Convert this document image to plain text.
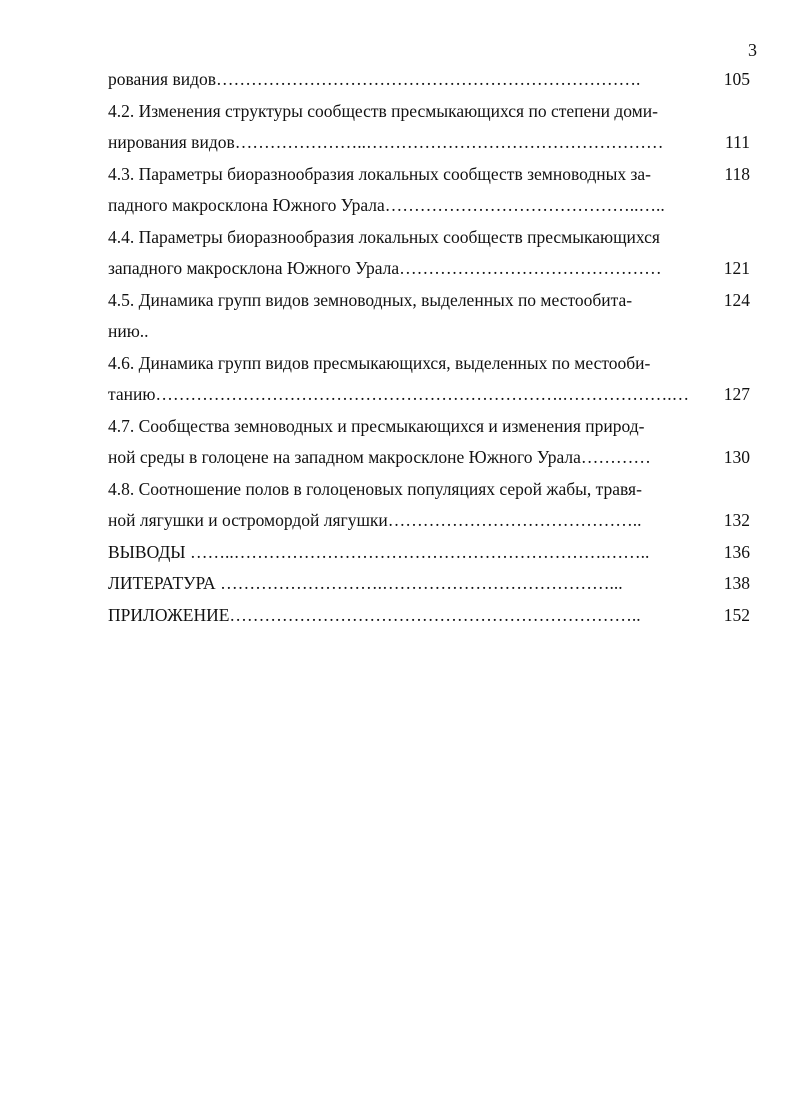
3
рования видов……………………………………………………………….	105
4.2. Изменения структуры сообществ пресмыкающихся по степени доми-
нирования видов…………………..……………………………………………	111
4.3. Параметры биоразнообразия локальных сообществ земноводных за-	118
падного макросклона Южного Урала……………………………………..…..
4.4. Параметры биоразнообразия локальных сообществ пресмыкающихся
западного макросклона Южного Урала………………………………………	121
4.5. Динамика групп видов земноводных, выделенных по местообита-	124
нию..
4.6. Динамика групп видов пресмыкающихся, выделенных по местооби-
танию…………………………………………………………….……………….…	127
4.7. Сообщества земноводных и пресмыкающихся и изменения природ-
ной среды в голоцене на западном макросклоне Южного Урала…………	130
4.8. Соотношение полов в голоценовых популяциях серой жабы, травя-
ной лягушки и остромордой лягушки……………………………………..	132
ВЫВОДЫ ……..……………………………………………………….……..	136
ЛИТЕРАТУРА ……………………….…………………………………...	138
ПРИЛОЖЕНИЕ……………………………………………………………..	152
